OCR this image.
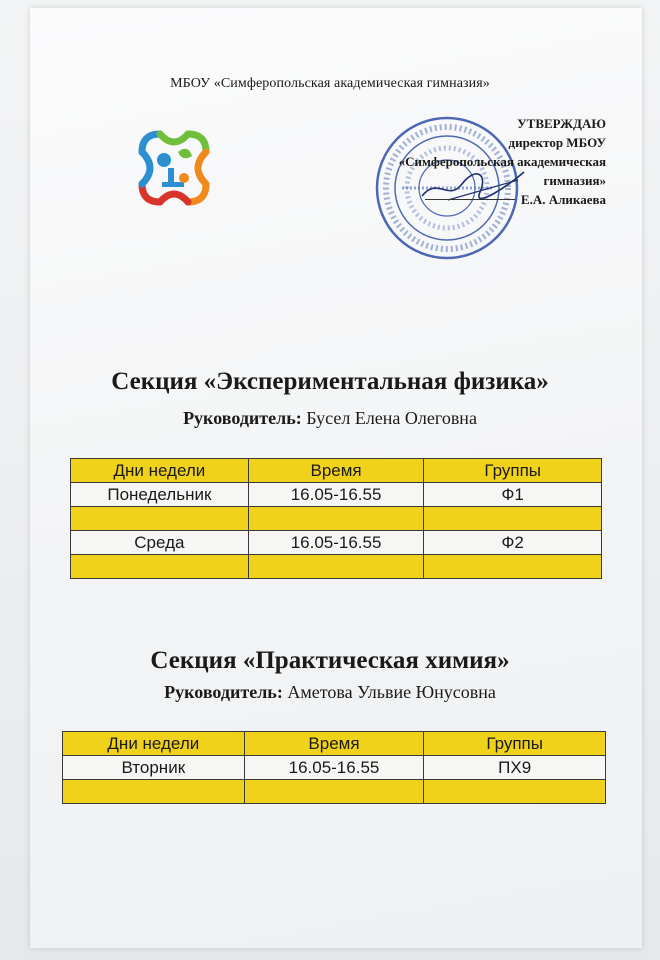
МБОУ «Симферопольская академическая гимназия»
УТВЕРЖДАЮ
директор МБОУ
«Симферопольская академическая
гимназия»
Е.А. Аликаева
Секция «Экспериментальная физика»
Руководитель: Бусел Елена Олеговна
Дни недели	Время	Группы
Понедельник	16.05-16.55	Ф1

Среда	16.05-16.55	Ф2

Секция «Практическая химия»
Руководитель: Аметова Ульвие Юнусовна
Дни недели	Время	Группы
Вторник	16.05-16.55	ПХ9
